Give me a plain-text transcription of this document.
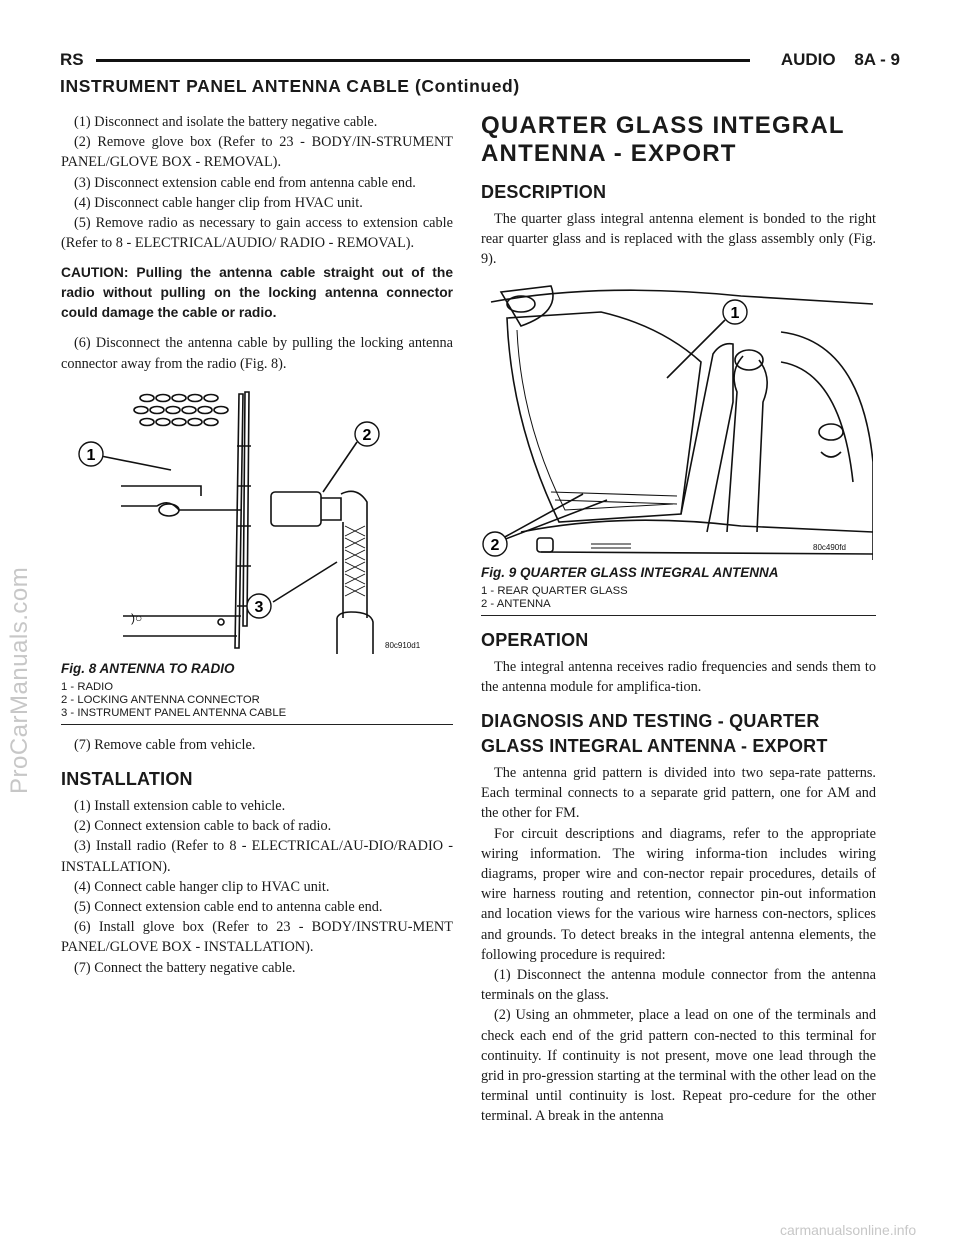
ProCarManuals.com
carmanualsonline.info
RS	AUDIO 8A - 9
INSTRUMENT PANEL ANTENNA CABLE (Continued)

(1) Disconnect and isolate the battery negative cable.

(2) Remove glove box (Refer to 23 - BODY/IN-STRUMENT PANEL/GLOVE BOX - REMOVAL).

(3) Disconnect extension cable end from antenna cable end.

(4) Disconnect cable hanger clip from HVAC unit.

(5) Remove radio as necessary to gain access to extension cable (Refer to 8 - ELECTRICAL/AUDIO/ RADIO - REMOVAL).

CAUTION: Pulling the antenna cable straight out of the radio without pulling on the locking antenna connector could damage the cable or radio.

(6) Disconnect the antenna cable by pulling the locking antenna connector away from the radio (Fig. 8).

)○
1
2
3
80c910d1
Fig. 8 ANTENNA TO RADIO
1 - RADIO
2 - LOCKING ANTENNA CONNECTOR
3 - INSTRUMENT PANEL ANTENNA CABLE

(7) Remove cable from vehicle.

INSTALLATION

(1) Install extension cable to vehicle.

(2) Connect extension cable to back of radio.

(3) Install radio (Refer to 8 - ELECTRICAL/AU-DIO/RADIO - INSTALLATION).

(4) Connect cable hanger clip to HVAC unit.

(5) Connect extension cable end to antenna cable end.

(6) Install glove box (Refer to 23 - BODY/INSTRU-MENT PANEL/GLOVE BOX - INSTALLATION).

(7) Connect the battery negative cable.

QUARTER GLASS INTEGRAL ANTENNA - EXPORT
DESCRIPTION

The quarter glass integral antenna element is bonded to the right rear quarter glass and is replaced with the glass assembly only (Fig. 9).

1
2	80c490fd
Fig. 9 QUARTER GLASS INTEGRAL ANTENNA
1 - REAR QUARTER GLASS
2 - ANTENNA
OPERATION

The integral antenna receives radio frequencies and sends them to the antenna module for amplifica-tion.

DIAGNOSIS AND TESTING - QUARTER GLASS INTEGRAL ANTENNA - EXPORT

The antenna grid pattern is divided into two sepa-rate patterns. Each terminal connects to a separate grid pattern, one for AM and the other for FM.

For circuit descriptions and diagrams, refer to the appropriate wiring information. The wiring informa-tion includes wiring diagrams, proper wire and con-nector repair procedures, details of wire harness routing and retention, connector pin-out information and location views for the various wire harness con-nectors, splices and grounds. To detect breaks in the integral antenna elements, the following procedure is required:

(1) Disconnect the antenna module connector from the antenna terminals on the glass.

(2) Using an ohmmeter, place a lead on one of the terminals and check each end of the grid pattern con-nected to this terminal for continuity. If continuity is not present, move one lead through the grid in pro-gression starting at the terminal with the other lead on the terminal until continuity is lost. Repeat pro-cedure for the other terminal. A break in the antenna
